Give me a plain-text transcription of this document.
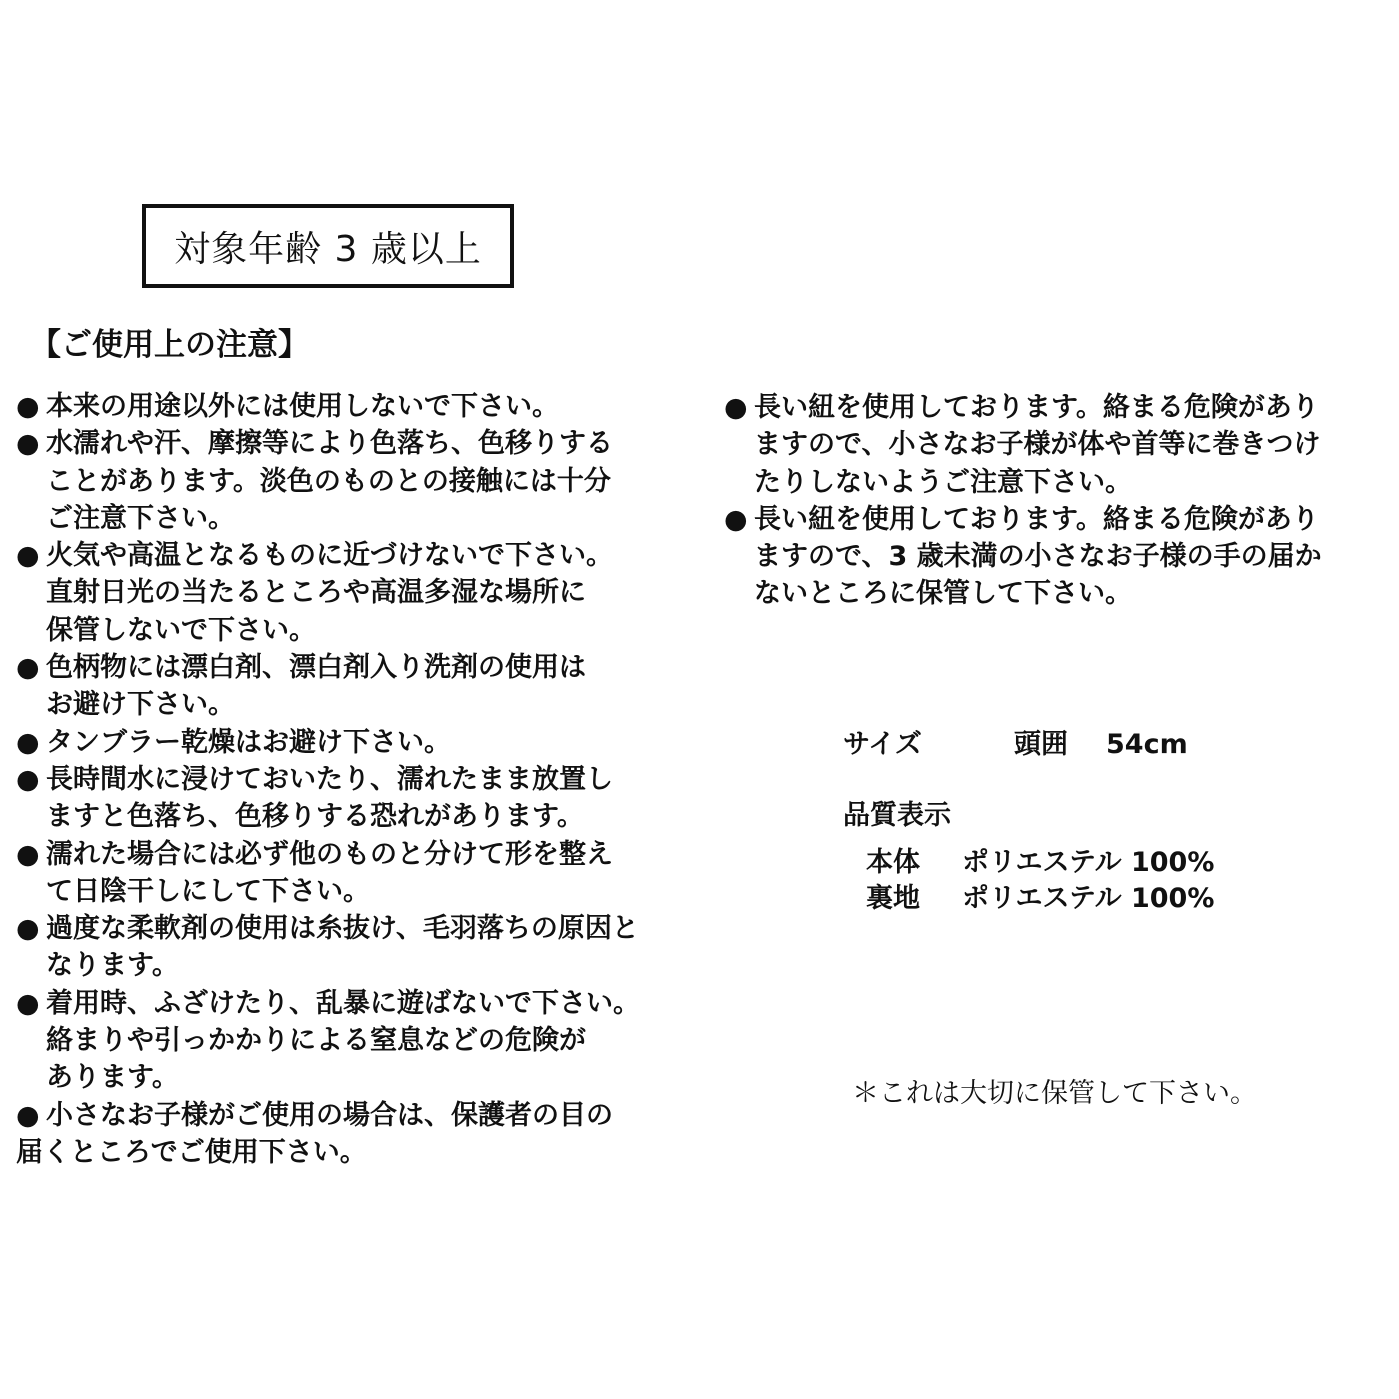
対象年齢 3 歳以上
【ご使用上の注意】
● 本来の用途以外には使用しないで下さい。
● 水濡れや汗、摩擦等により色落ち、色移りする
ことがあります。淡色のものとの接触には十分
ご注意下さい。
● 火気や高温となるものに近づけないで下さい。
直射日光の当たるところや高温多湿な場所に
保管しないで下さい。
● 色柄物には漂白剤、漂白剤入り洗剤の使用は
お避け下さい。
● タンブラー乾燥はお避け下さい。
● 長時間水に浸けておいたり、濡れたまま放置し
ますと色落ち、色移りする恐れがあります。
● 濡れた場合には必ず他のものと分けて形を整え
て日陰干しにして下さい。
● 過度な柔軟剤の使用は糸抜け、毛羽落ちの原因と
なります。
● 着用時、ふざけたり、乱暴に遊ばないで下さい。
絡まりや引っかかりによる窒息などの危険が
あります。
● 小さなお子様がご使用の場合は、保護者の目の
届くところでご使用下さい。
● 長い紐を使用しております。絡まる危険があり
ますので、小さなお子様が体や首等に巻きつけ
たりしないようご注意下さい。
● 長い紐を使用しております。絡まる危険があり
ますので、3 歳未満の小さなお子様の手の届か
ないところに保管して下さい。
サイズ	頭囲 54cm
品質表示
本体 ポリエステル 100%
裏地 ポリエステル 100%
＊これは大切に保管して下さい。
